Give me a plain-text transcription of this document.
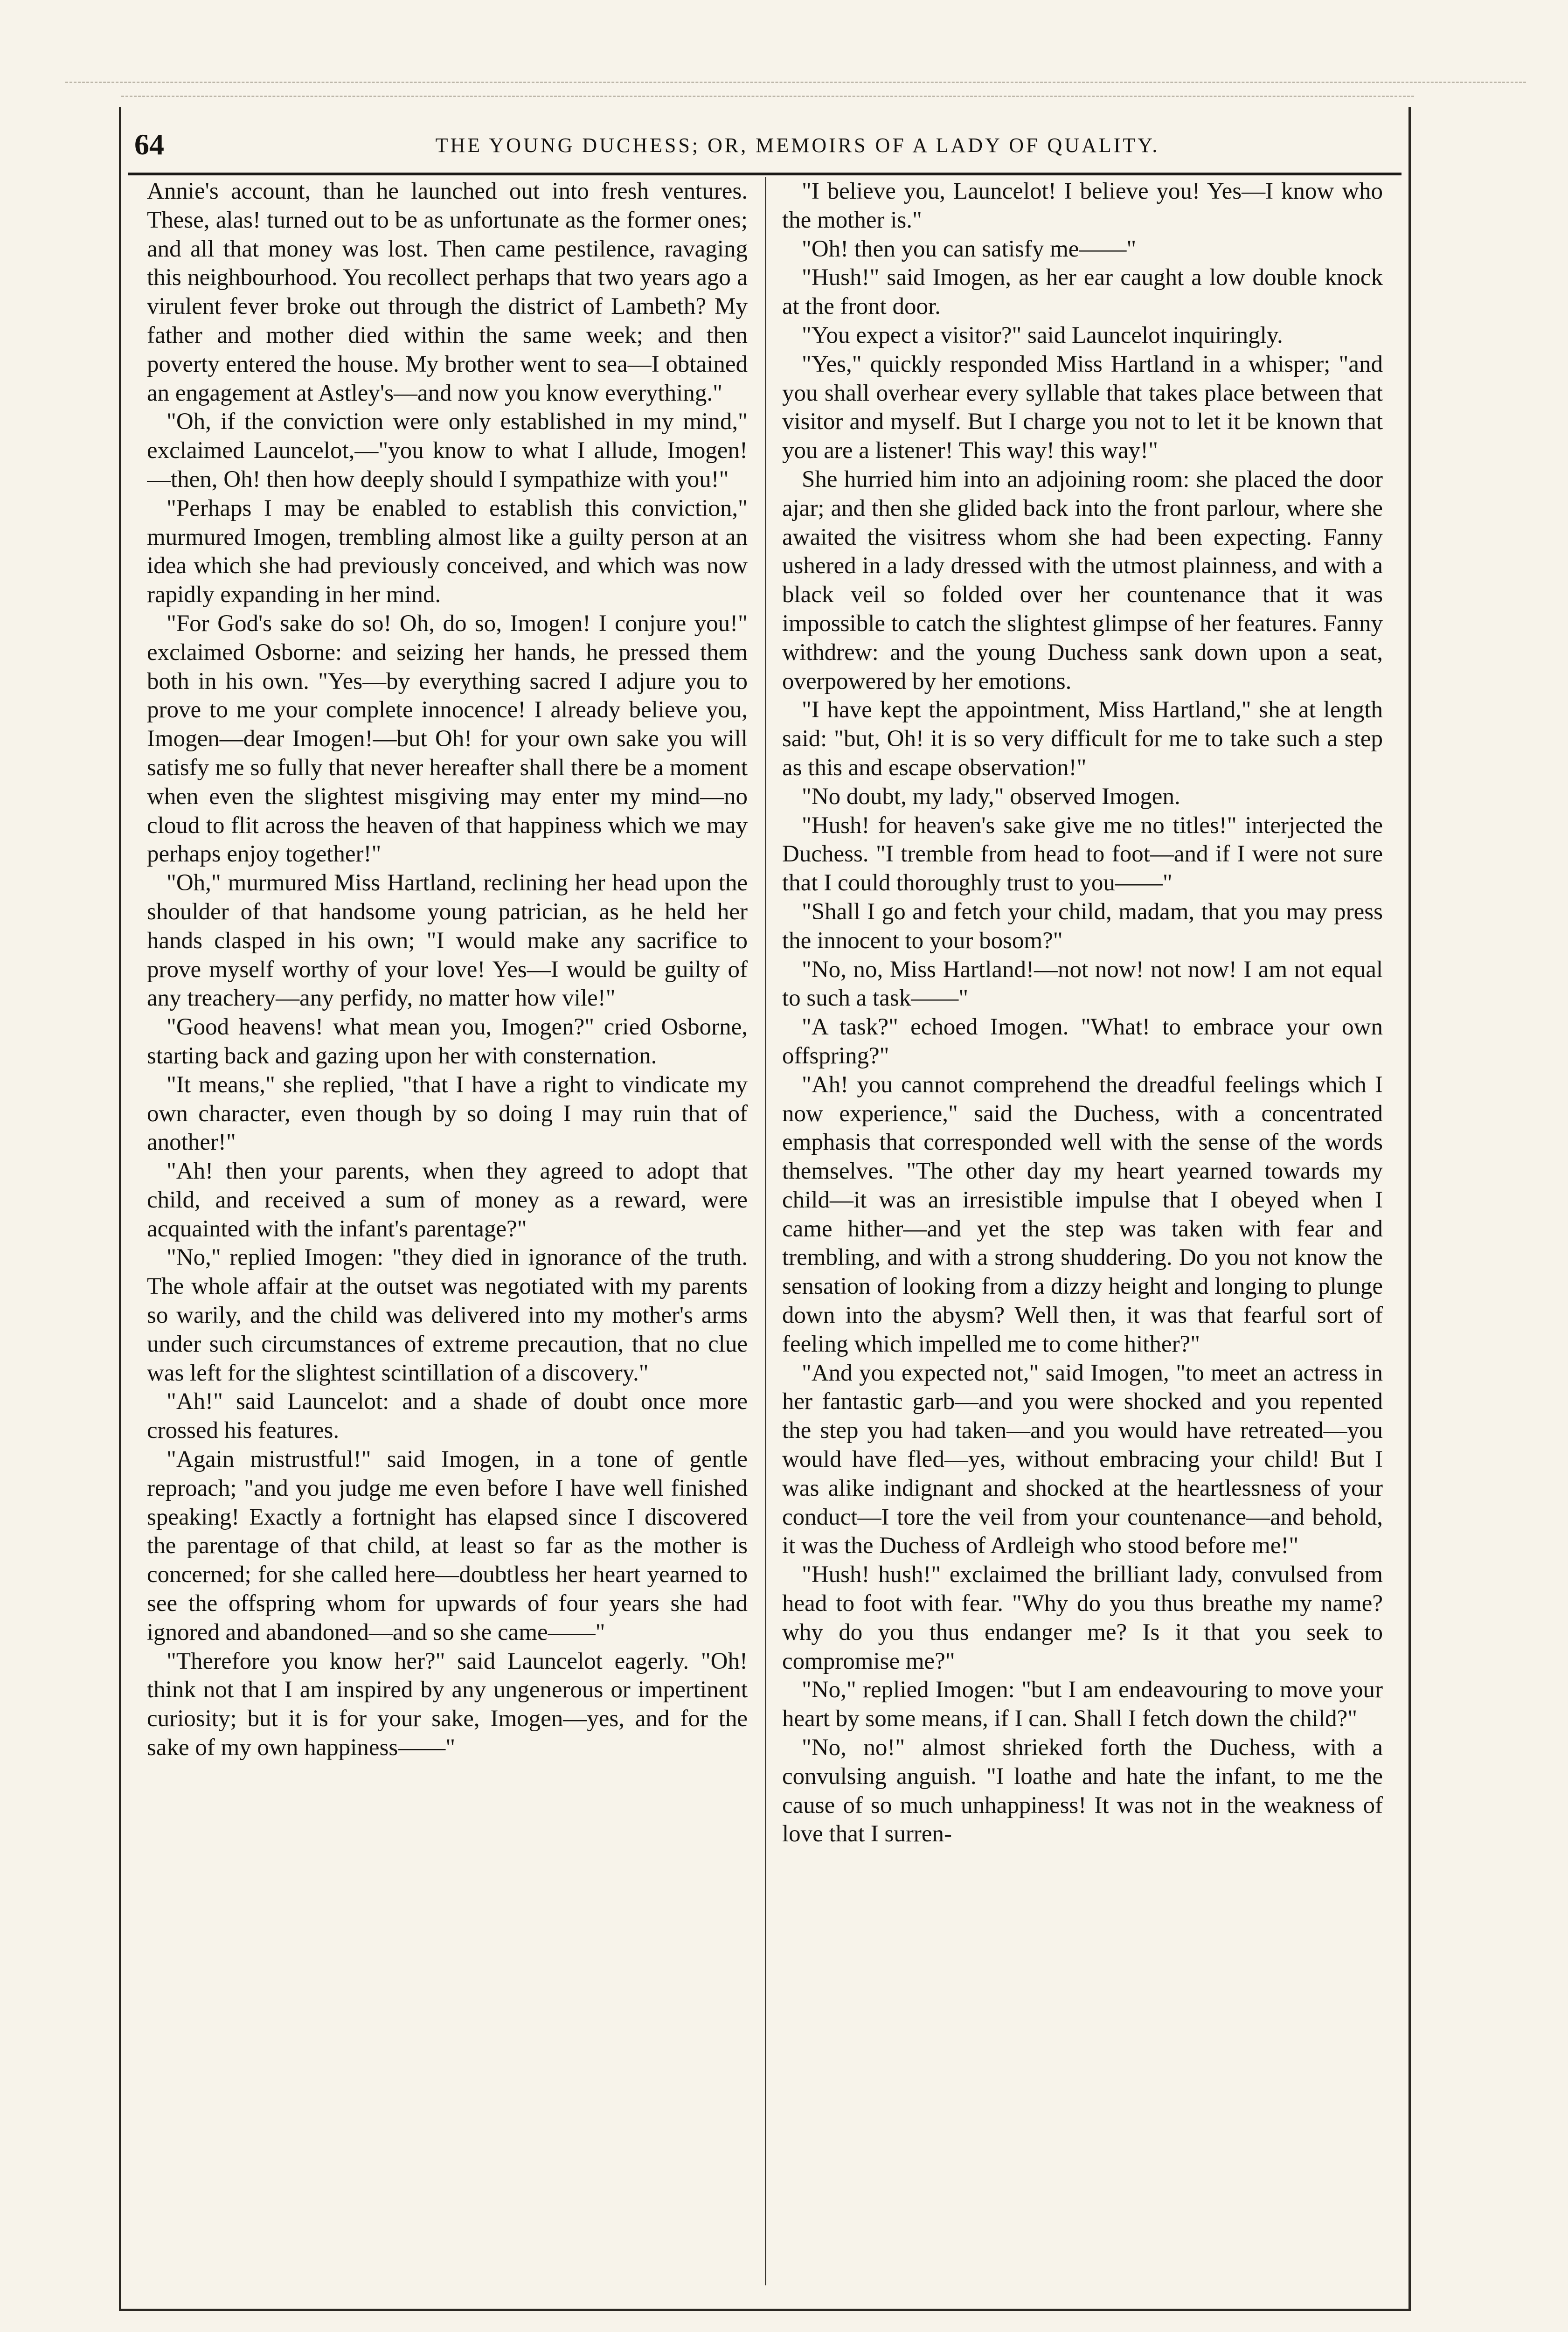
64	THE YOUNG DUCHESS; OR, MEMOIRS OF A LADY OF QUALITY.

Annie's account, than he launched out into fresh ventures. These, alas! turned out to be as unfortunate as the former ones; and all that money was lost. Then came pestilence, ravaging this neighbourhood. You recollect perhaps that two years ago a virulent fever broke out through the district of Lambeth? My father and mother died within the same week; and then poverty entered the house. My brother went to sea—I obtained an engagement at Astley's—and now you know everything."

"Oh, if the conviction were only established in my mind," exclaimed Launcelot,—"you know to what I allude, Imogen!—then, Oh! then how deeply should I sympathize with you!"

"Perhaps I may be enabled to establish this conviction," murmured Imogen, trembling almost like a guilty person at an idea which she had previously conceived, and which was now rapidly expanding in her mind.

"For God's sake do so! Oh, do so, Imogen! I conjure you!" exclaimed Osborne: and seizing her hands, he pressed them both in his own. "Yes—by everything sacred I adjure you to prove to me your complete innocence! I already believe you, Imogen—dear Imogen!—but Oh! for your own sake you will satisfy me so fully that never hereafter shall there be a moment when even the slightest misgiving may enter my mind—no cloud to flit across the heaven of that happiness which we may perhaps enjoy together!"

"Oh," murmured Miss Hartland, reclining her head upon the shoulder of that handsome young patrician, as he held her hands clasped in his own; "I would make any sacrifice to prove myself worthy of your love! Yes—I would be guilty of any treachery—any perfidy, no matter how vile!"

"Good heavens! what mean you, Imogen?" cried Osborne, starting back and gazing upon her with consternation.

"It means," she replied, "that I have a right to vindicate my own character, even though by so doing I may ruin that of another!"

"Ah! then your parents, when they agreed to adopt that child, and received a sum of money as a reward, were acquainted with the infant's parentage?"

"No," replied Imogen: "they died in ignorance of the truth. The whole affair at the outset was negotiated with my parents so warily, and the child was delivered into my mother's arms under such circumstances of extreme precaution, that no clue was left for the slightest scintillation of a discovery."

"Ah!" said Launcelot: and a shade of doubt once more crossed his features.

"Again mistrustful!" said Imogen, in a tone of gentle reproach; "and you judge me even before I have well finished speaking! Exactly a fortnight has elapsed since I discovered the parentage of that child, at least so far as the mother is concerned; for she called here—doubtless her heart yearned to see the offspring whom for upwards of four years she had ignored and abandoned—and so she came——"

"Therefore you know her?" said Launcelot eagerly. "Oh! think not that I am inspired by any ungenerous or impertinent curiosity; but it is for your sake, Imogen—yes, and for the sake of my own happiness——"

"I believe you, Launcelot! I believe you! Yes—I know who the mother is."

"Oh! then you can satisfy me——"

"Hush!" said Imogen, as her ear caught a low double knock at the front door.

"You expect a visitor?" said Launcelot inquiringly.

"Yes," quickly responded Miss Hartland in a whisper; "and you shall overhear every syllable that takes place between that visitor and myself. But I charge you not to let it be known that you are a listener! This way! this way!"

She hurried him into an adjoining room: she placed the door ajar; and then she glided back into the front parlour, where she awaited the visitress whom she had been expecting. Fanny ushered in a lady dressed with the utmost plainness, and with a black veil so folded over her countenance that it was impossible to catch the slightest glimpse of her features. Fanny withdrew: and the young Duchess sank down upon a seat, overpowered by her emotions.

"I have kept the appointment, Miss Hartland," she at length said: "but, Oh! it is so very difficult for me to take such a step as this and escape observation!"

"No doubt, my lady," observed Imogen.

"Hush! for heaven's sake give me no titles!" interjected the Duchess. "I tremble from head to foot—and if I were not sure that I could thoroughly trust to you——"

"Shall I go and fetch your child, madam, that you may press the innocent to your bosom?"

"No, no, Miss Hartland!—not now! not now! I am not equal to such a task——"

"A task?" echoed Imogen. "What! to embrace your own offspring?"

"Ah! you cannot comprehend the dreadful feelings which I now experience," said the Duchess, with a concentrated emphasis that corresponded well with the sense of the words themselves. "The other day my heart yearned towards my child—it was an irresistible impulse that I obeyed when I came hither—and yet the step was taken with fear and trembling, and with a strong shuddering. Do you not know the sensation of looking from a dizzy height and longing to plunge down into the abysm? Well then, it was that fearful sort of feeling which impelled me to come hither?"

"And you expected not," said Imogen, "to meet an actress in her fantastic garb—and you were shocked and you repented the step you had taken—and you would have retreated—you would have fled—yes, without embracing your child! But I was alike indignant and shocked at the heartlessness of your conduct—I tore the veil from your countenance—and behold, it was the Duchess of Ardleigh who stood before me!"

"Hush! hush!" exclaimed the brilliant lady, convulsed from head to foot with fear. "Why do you thus breathe my name? why do you thus endanger me? Is it that you seek to compromise me?"

"No," replied Imogen: "but I am endeavouring to move your heart by some means, if I can. Shall I fetch down the child?"

"No, no!" almost shrieked forth the Duchess, with a convulsing anguish. "I loathe and hate the infant, to me the cause of so much unhappiness! It was not in the weakness of love that I surren-
